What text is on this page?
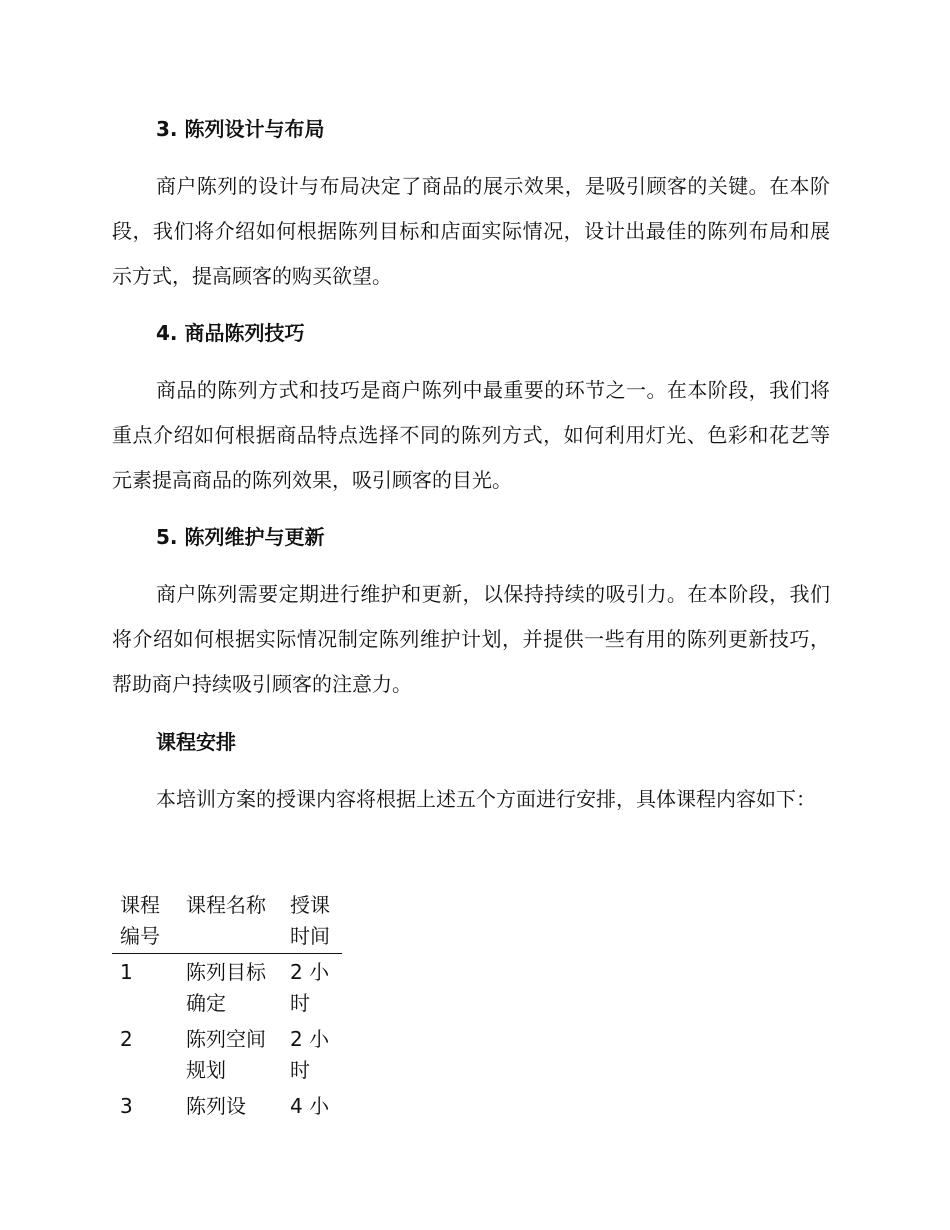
3. 陈列设计与布局

商户陈列的设计与布局决定了商品的展示效果，是吸引顾客的关键。在本阶段，我们将介绍如何根据陈列目标和店面实际情况，设计出最佳的陈列布局和展示方式，提高顾客的购买欲望。

4. 商品陈列技巧

商品的陈列方式和技巧是商户陈列中最重要的环节之一。在本阶段，我们将重点介绍如何根据商品特点选择不同的陈列方式，如何利用灯光、色彩和花艺等元素提高商品的陈列效果，吸引顾客的目光。

5. 陈列维护与更新

商户陈列需要定期进行维护和更新，以保持持续的吸引力。在本阶段，我们将介绍如何根据实际情况制定陈列维护计划，并提供一些有用的陈列更新技巧，帮助商户持续吸引顾客的注意力。

课程安排

本培训方案的授课内容将根据上述五个方面进行安排，具体课程内容如下：

课程编号	课程名称	授课时间
1	陈列目标确定	2 小时
2	陈列空间规划	2 小时
3	陈列设	4 小
